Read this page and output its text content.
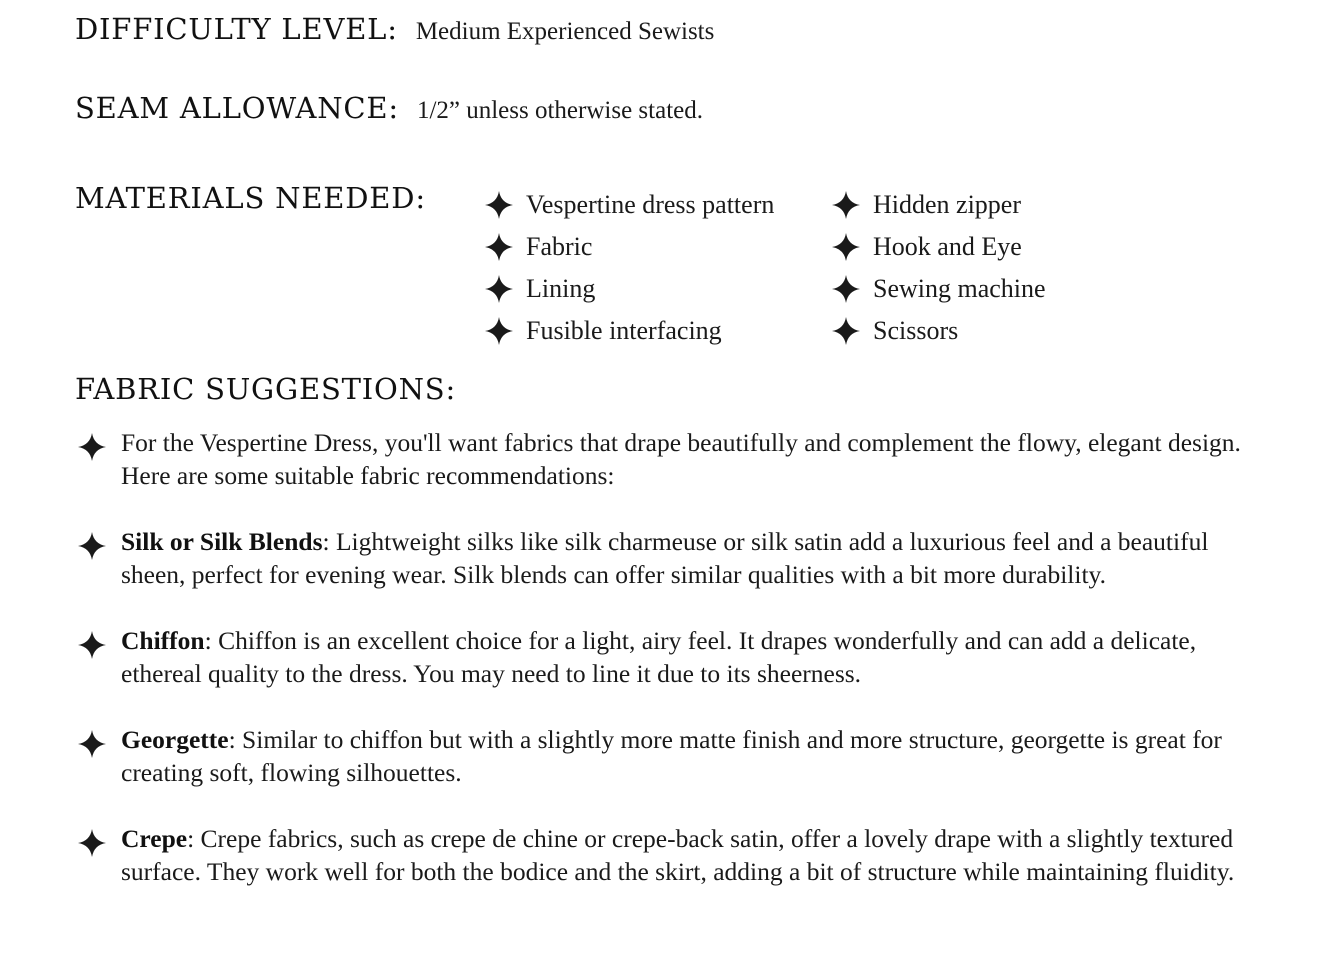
DIFFICULTY LEVEL: Medium Experienced Sewists
SEAM ALLOWANCE: 1/2” unless otherwise stated.
MATERIALS NEEDED:	Vespertine dress pattern
Fabric
Lining
Fusible interfacing
Hidden zipper
Hook and Eye
Sewing machine
Scissors
FABRIC SUGGESTIONS:
For the Vespertine Dress, you'll want fabrics that drape beautifully and complement the flowy, elegant design. Here are some suitable fabric recommendations:
Silk or Silk Blends: Lightweight silks like silk charmeuse or silk satin add a luxurious feel and a beautiful sheen, perfect for evening wear. Silk blends can offer similar qualities with a bit more durability.
Chiffon: Chiffon is an excellent choice for a light, airy feel. It drapes wonderfully and can add a delicate, ethereal quality to the dress. You may need to line it due to its sheerness.
Georgette: Similar to chiffon but with a slightly more matte finish and more structure, georgette is great for creating soft, flowing silhouettes.
Crepe: Crepe fabrics, such as crepe de chine or crepe-back satin, offer a lovely drape with a slightly textured surface. They work well for both the bodice and the skirt, adding a bit of structure while maintaining fluidity.
